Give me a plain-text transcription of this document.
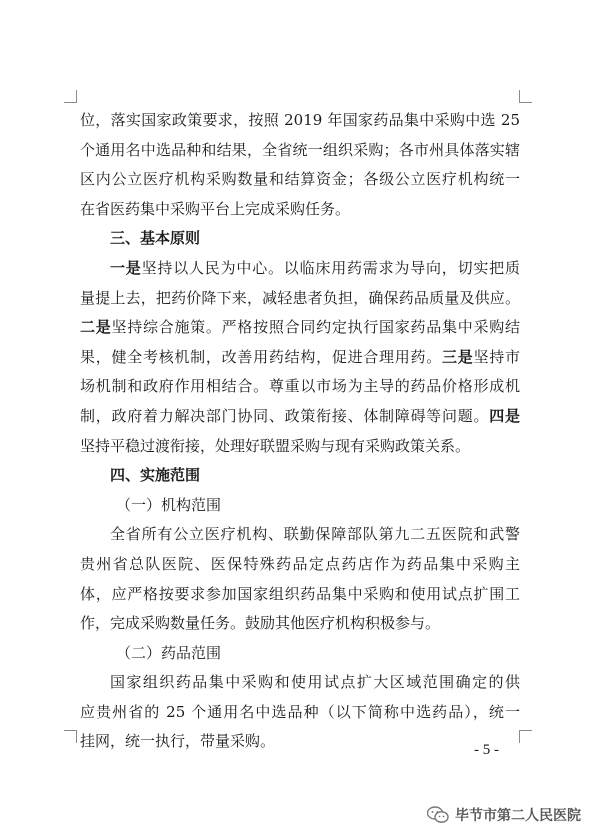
位，落实国家政策要求，按照 2019 年国家药品集中采购中选 25
个通用名中选品种和结果，全省统一组织采购；各市州具体落实辖
区内公立医疗机构采购数量和结算资金；各级公立医疗机构统一
在省医药集中采购平台上完成采购任务。
三、基本原则
一是坚持以人民为中心。以临床用药需求为导向，切实把质
量提上去，把药价降下来，减轻患者负担，确保药品质量及供应。
二是坚持综合施策。严格按照合同约定执行国家药品集中采购结
果，健全考核机制，改善用药结构，促进合理用药。三是坚持市
场机制和政府作用相结合。尊重以市场为主导的药品价格形成机
制，政府着力解决部门协同、政策衔接、体制障碍等问题。四是
坚持平稳过渡衔接，处理好联盟采购与现有采购政策关系。
四、实施范围
（一）机构范围
全省所有公立医疗机构、联勤保障部队第九二五医院和武警
贵州省总队医院、医保特殊药品定点药店作为药品集中采购主
体，应严格按要求参加国家组织药品集中采购和使用试点扩围工
作，完成采购数量任务。鼓励其他医疗机构积极参与。
（二）药品范围
国家组织药品集中采购和使用试点扩大区域范围确定的供
应贵州省的 25 个通用名中选品种（以下简称中选药品），统一
挂网，统一执行，带量采购。	- 5 -
毕节市第二人民医院
